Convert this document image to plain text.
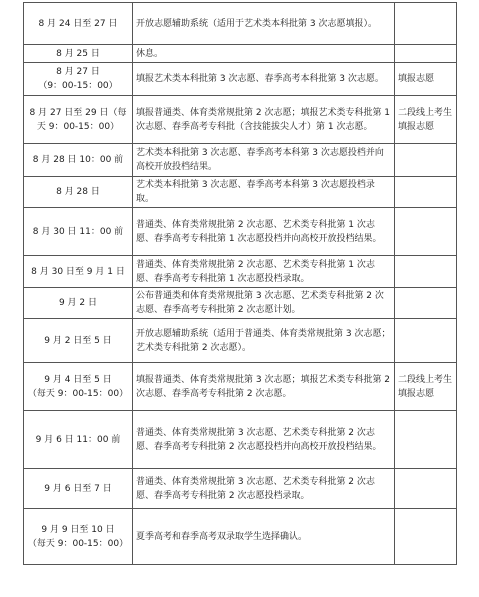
8 月 24 日至 27 日	开放志愿辅助系统（适用于艺术类本科批第 3 次志愿填报）。	
8 月 25 日	休息。	
8 月 27 日
（9：00-15：00）	填报艺术类本科批第 3 次志愿、春季高考本科批第 3 次志愿。	填报志愿
8 月 27 日至 29 日（每天 9：00-15：00）	填报普通类、体育类常规批第 2 次志愿；填报艺术类专科批第 1 次志愿、春季高考专科批（含技能拔尖人才）第 1 次志愿。	二段线上考生填报志愿
8 月 28 日 10：00 前	艺术类本科批第 3 次志愿、春季高考本科第 3 次志愿投档并向高校开放投档结果。	
8 月 28 日	艺术类本科批第 3 次志愿、春季高考本科第 3 次志愿投档录取。	
8 月 30 日 11：00 前	普通类、体育类常规批第 2 次志愿、艺术类专科批第 1 次志愿、春季高考专科批第 1 次志愿投档并向高校开放投档结果。	
8 月 30 日至 9 月 1 日	普通类、体育类常规批第 2 次志愿、艺术类专科批第 1 次志愿、春季高考专科批第 1 次志愿投档录取。	
9 月 2 日	公布普通类和体育类常规批第 3 次志愿、艺术类专科批第 2 次志愿、春季高考专科批第 2 次志愿计划。	
9 月 2 日至 5 日	开放志愿辅助系统（适用于普通类、体育类常规批第 3 次志愿；艺术类专科批第 2 次志愿）。	
9 月 4 日至 5 日
（每天 9：00-15：00）	填报普通类、体育类常规批第 3 次志愿；填报艺术类专科批第 2 次志愿、春季高考专科批第 2 次志愿。	二段线上考生填报志愿
9 月 6 日 11：00 前	普通类、体育类常规批第 3 次志愿、艺术类专科批第 2 次志愿、春季高考专科批第 2 次志愿投档并向高校开放投档结果。	
9 月 6 日至 7 日	普通类、体育类常规批第 3 次志愿、艺术类专科批第 2 次志愿、春季高考专科批第 2 次志愿投档录取。	
9 月 9 日至 10 日
（每天 9：00-15：00）	夏季高考和春季高考双录取学生选择确认。	
